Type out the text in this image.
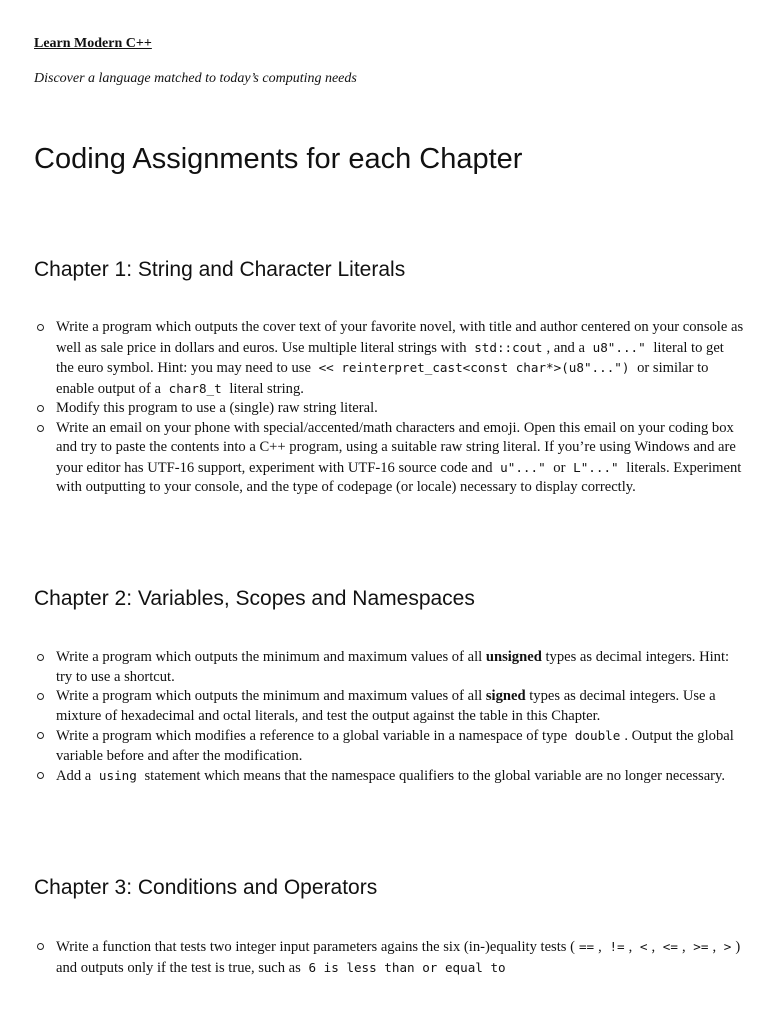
Learn Modern C++

Discover a language matched to today’s computing needs

Coding Assignments for each Chapter
Chapter 1: String and Character Literals
Write a program which outputs the cover text of your favorite novel, with title and author centered on your console as well as sale price in dollars and euros. Use multiple literal strings with std::cout , and a u8"..." literal to get the euro symbol. Hint: you may need to use << reinterpret_cast<const char*>(u8"...") or similar to enable output of a char8_t literal string.
Modify this program to use a (single) raw string literal.
Write an email on your phone with special/accented/math characters and emoji. Open this email on your coding box and try to paste the contents into a C++ program, using a suitable raw string literal. If you’re using Windows and are your editor has UTF-16 support, experiment with UTF-16 source code and u"..." or L"..." literals. Experiment with outputting to your console, and the type of codepage (or locale) necessary to display correctly.
Chapter 2: Variables, Scopes and Namespaces
Write a program which outputs the minimum and maximum values of all unsigned types as decimal integers. Hint: try to use a shortcut.
Write a program which outputs the minimum and maximum values of all signed types as decimal integers. Use a mixture of hexadecimal and octal literals, and test the output against the table in this Chapter.
Write a program which modifies a reference to a global variable in a namespace of type double . Output the global variable before and after the modification.
Add a using statement which means that the namespace qualifiers to the global variable are no longer necessary.
Chapter 3: Conditions and Operators
Write a function that tests two integer input parameters agains the six (in-)equality tests ( == , != , < , <= , >= , > ) and outputs only if the test is true, such as 6 is less than or equal to
